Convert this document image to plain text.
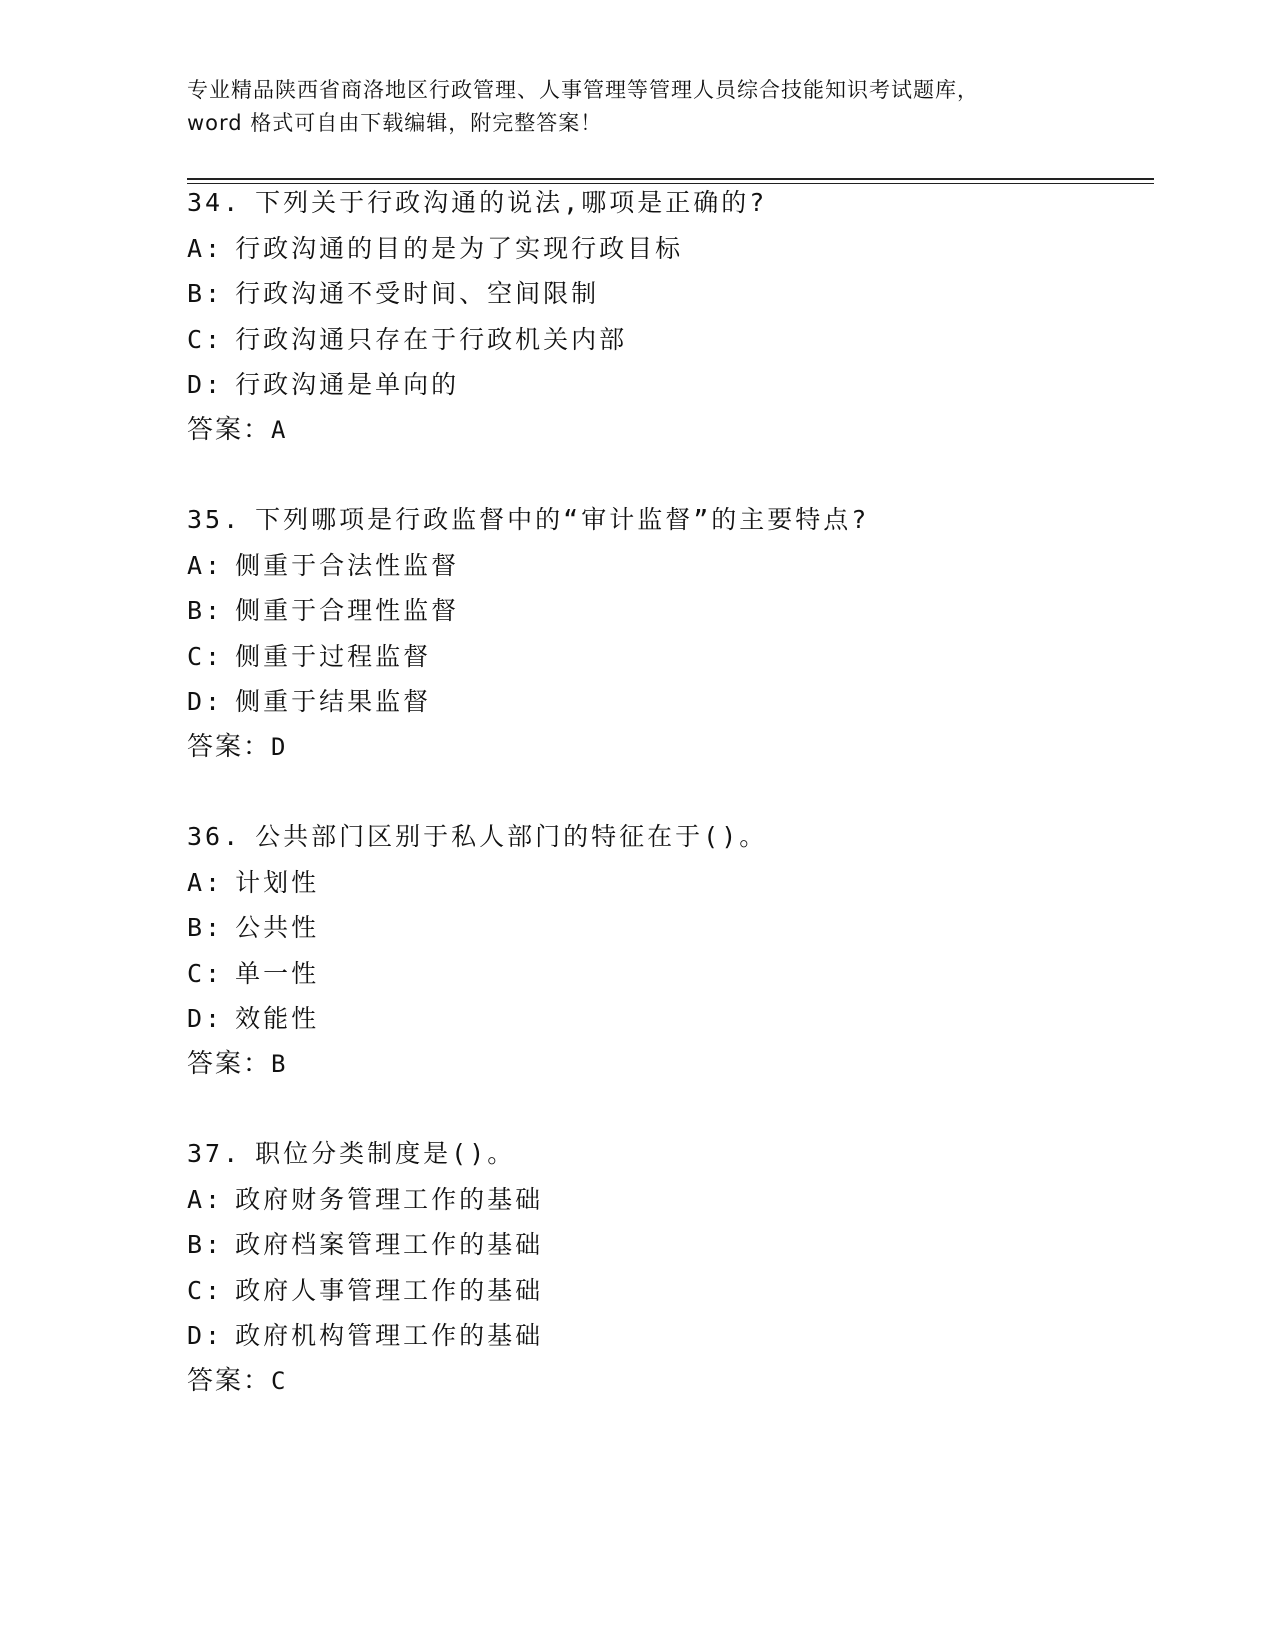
专业精品陕西省商洛地区行政管理、人事管理等管理人员综合技能知识考试题库，
word 格式可自由下载编辑，附完整答案！
34. 下列关于行政沟通的说法,哪项是正确的?
A: 行政沟通的目的是为了实现行政目标
B: 行政沟通不受时间、空间限制
C: 行政沟通只存在于行政机关内部
D: 行政沟通是单向的
答案：A
35. 下列哪项是行政监督中的“审计监督”的主要特点?
A: 侧重于合法性监督
B: 侧重于合理性监督
C: 侧重于过程监督
D: 侧重于结果监督
答案：D
36. 公共部门区别于私人部门的特征在于()。
A: 计划性
B: 公共性
C: 单一性
D: 效能性
答案：B
37. 职位分类制度是()。
A: 政府财务管理工作的基础
B: 政府档案管理工作的基础
C: 政府人事管理工作的基础
D: 政府机构管理工作的基础
答案：C
